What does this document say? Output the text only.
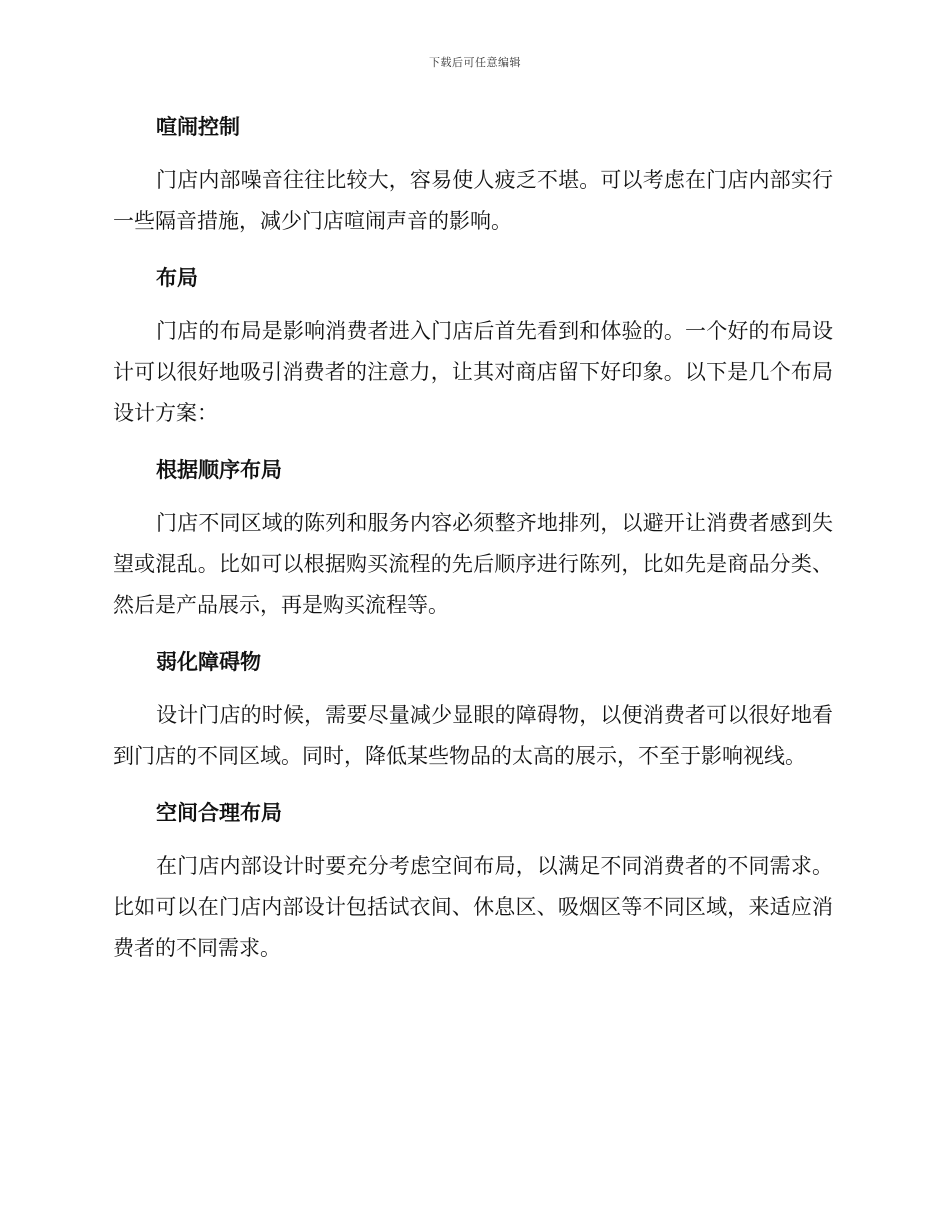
下载后可任意编辑
喧闹控制

门店内部噪音往往比较大，容易使人疲乏不堪。可以考虑在门店内部实行一些隔音措施，减少门店喧闹声音的影响。

布局

门店的布局是影响消费者进入门店后首先看到和体验的。一个好的布局设计可以很好地吸引消费者的注意力，让其对商店留下好印象。以下是几个布局设计方案：

根据顺序布局

门店不同区域的陈列和服务内容必须整齐地排列，以避开让消费者感到失望或混乱。比如可以根据购买流程的先后顺序进行陈列，比如先是商品分类、然后是产品展示，再是购买流程等。

弱化障碍物

设计门店的时候，需要尽量减少显眼的障碍物，以便消费者可以很好地看到门店的不同区域。同时，降低某些物品的太高的展示，不至于影响视线。

空间合理布局

在门店内部设计时要充分考虑空间布局，以满足不同消费者的不同需求。比如可以在门店内部设计包括试衣间、休息区、吸烟区等不同区域，来适应消费者的不同需求。
